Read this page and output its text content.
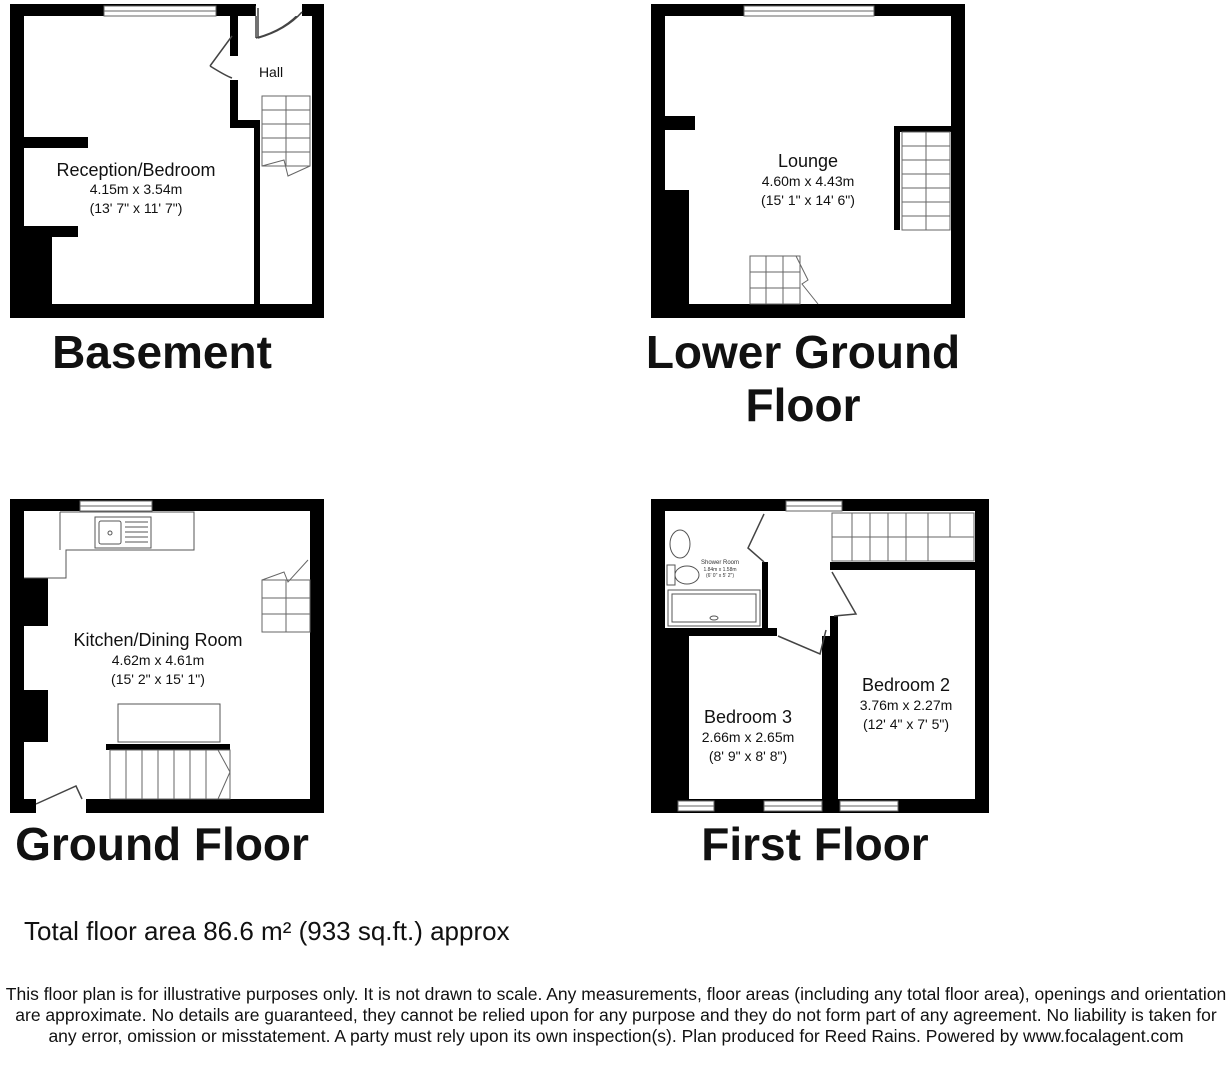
Hall
Reception/Bedroom
4.15m x 3.54m
(13' 7" x 11' 7")
Basement
Lounge
4.60m x 4.43m
(15' 1" x 14' 6")
Lower Ground
Floor
Kitchen/Dining Room
4.62m x 4.61m
(15' 2" x 15' 1")
Ground Floor
Shower Room
1.84m x 1.58m
(6' 0" x 5' 2")
Bedroom 3
2.66m x 2.65m
(8' 9" x 8' 8")
Bedroom 2
3.76m x 2.27m
(12' 4" x 7' 5")
First Floor
Total floor area 86.6 m² (933 sq.ft.) approx
This floor plan is for illustrative purposes only. It is not drawn to scale. Any measurements, floor areas (including any total floor area), openings and orientation are approximate. No details are guaranteed, they cannot be relied upon for any purpose and they do not form part of any agreement. No liability is taken for any error, omission or misstatement. A party must rely upon its own inspection(s). Plan produced for Reed Rains. Powered by www.focalagent.com
